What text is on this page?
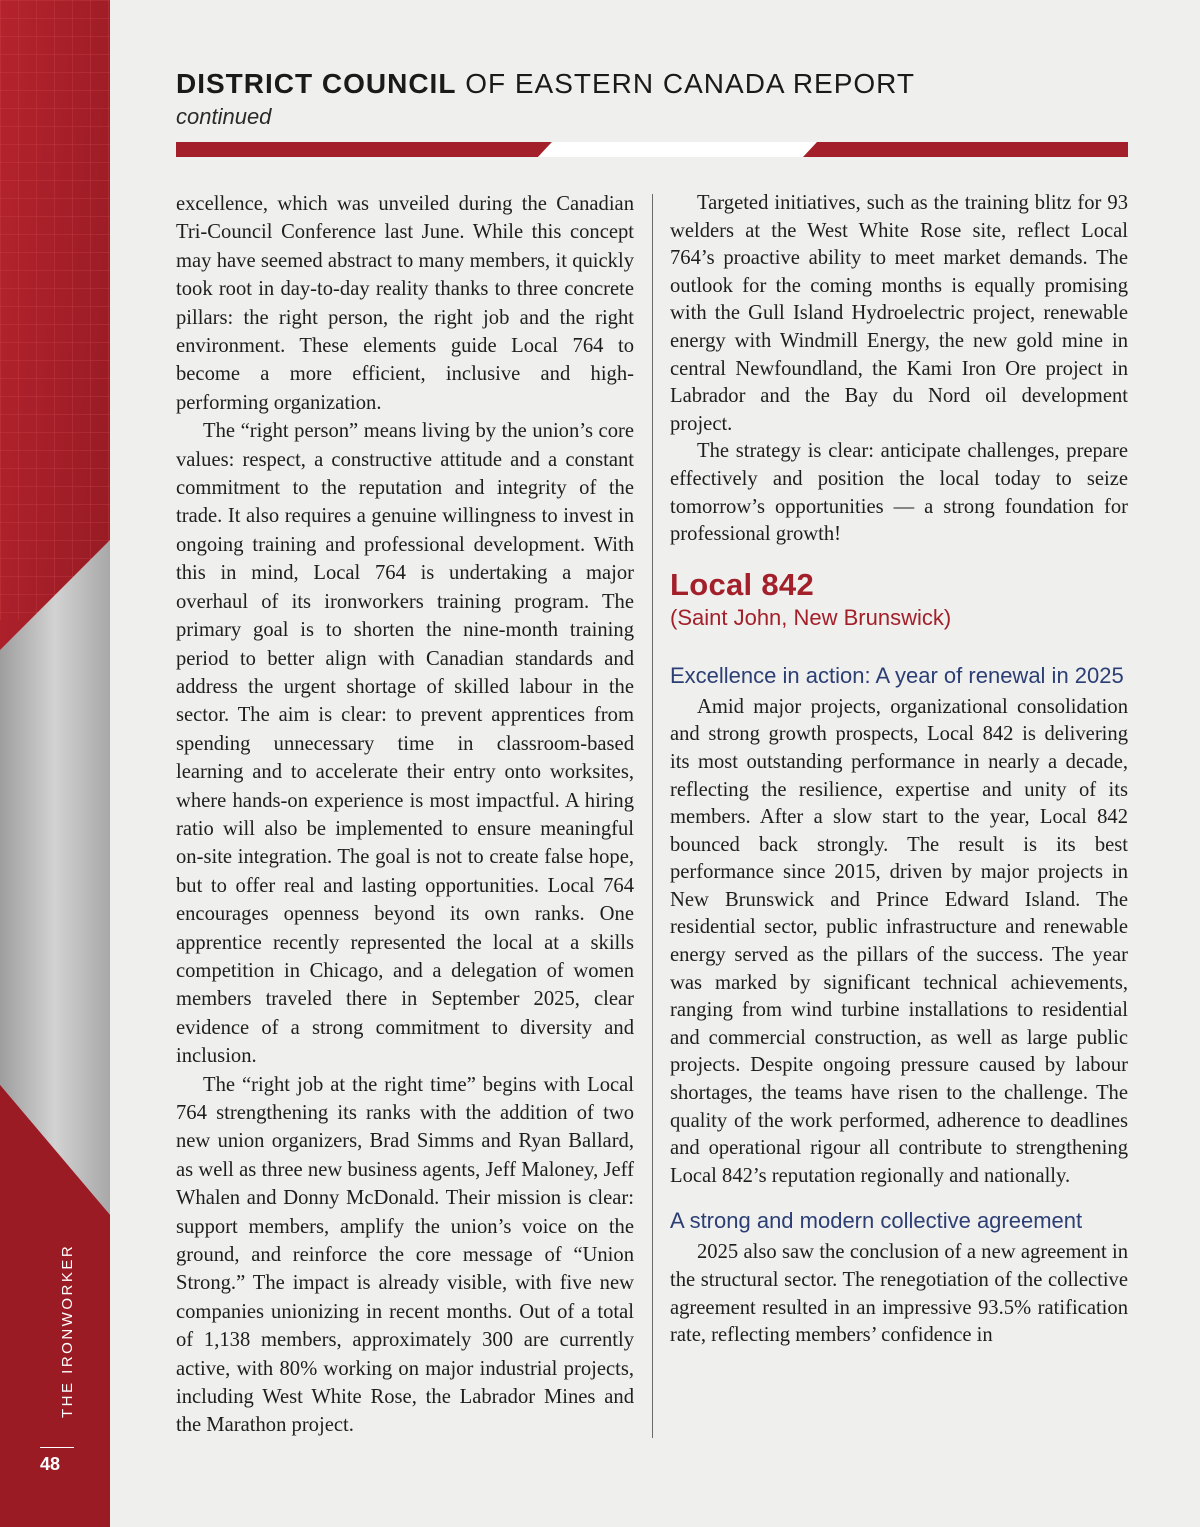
THE IRONWORKER
48
DISTRICT COUNCIL OF EASTERN CANADA REPORT
continued

excellence, which was unveiled during the Canadian Tri-Council Conference last June. While this concept may have seemed abstract to many members, it quickly took root in day-to-day reality thanks to three concrete pillars: the right person, the right job and the right environment. These elements guide Local 764 to become a more efficient, inclusive and high-performing organization.

The “right person” means living by the union’s core values: respect, a constructive attitude and a constant commitment to the reputation and integrity of the trade. It also requires a genuine willingness to invest in ongoing training and professional development. With this in mind, Local 764 is undertaking a major overhaul of its ironworkers training program. The primary goal is to shorten the nine-month training period to better align with Canadian standards and address the urgent shortage of skilled labour in the sector. The aim is clear: to prevent apprentices from spending unnecessary time in classroom-based learning and to accelerate their entry onto worksites, where hands-on experience is most impactful. A hiring ratio will also be implemented to ensure meaningful on-site integration. The goal is not to create false hope, but to offer real and lasting opportunities. Local 764 encourages openness beyond its own ranks. One apprentice recently represented the local at a skills competition in Chicago, and a delegation of women members traveled there in September 2025, clear evidence of a strong commitment to diversity and inclusion.

The “right job at the right time” begins with Local 764 strengthening its ranks with the addition of two new union organizers, Brad Simms and Ryan Ballard, as well as three new business agents, Jeff Maloney, Jeff Whalen and Donny McDonald. Their mission is clear: support members, amplify the union’s voice on the ground, and reinforce the core message of “Union Strong.” The impact is already visible, with five new companies unionizing in recent months. Out of a total of 1,138 members, approximately 300 are currently active, with 80% working on major industrial projects, including West White Rose, the Labrador Mines and the Marathon project.

Targeted initiatives, such as the training blitz for 93 welders at the West White Rose site, reflect Local 764’s proactive ability to meet market demands. The outlook for the coming months is equally promising with the Gull Island Hydroelectric project, renewable energy with Windmill Energy, the new gold mine in central Newfoundland, the Kami Iron Ore project in Labrador and the Bay du Nord oil development project.

The strategy is clear: anticipate challenges, prepare effectively and position the local today to seize tomorrow’s opportunities — a strong foundation for professional growth!

Local 842
(Saint John, New Brunswick)
Excellence in action: A year of renewal in 2025

Amid major projects, organizational consolidation and strong growth prospects, Local 842 is delivering its most outstanding performance in nearly a decade, reflecting the resilience, expertise and unity of its members. After a slow start to the year, Local 842 bounced back strongly. The result is its best performance since 2015, driven by major projects in New Brunswick and Prince Edward Island. The residential sector, public infrastructure and renewable energy served as the pillars of the success. The year was marked by significant technical achievements, ranging from wind turbine installations to residential and commercial construction, as well as large public projects. Despite ongoing pressure caused by labour shortages, the teams have risen to the challenge. The quality of the work performed, adherence to deadlines and operational rigour all contribute to strengthening Local 842’s reputation regionally and nationally.

A strong and modern collective agreement

2025 also saw the conclusion of a new agreement in the structural sector. The renegotiation of the collective agreement resulted in an impressive 93.5% ratification rate, reflecting members’ confidence in
